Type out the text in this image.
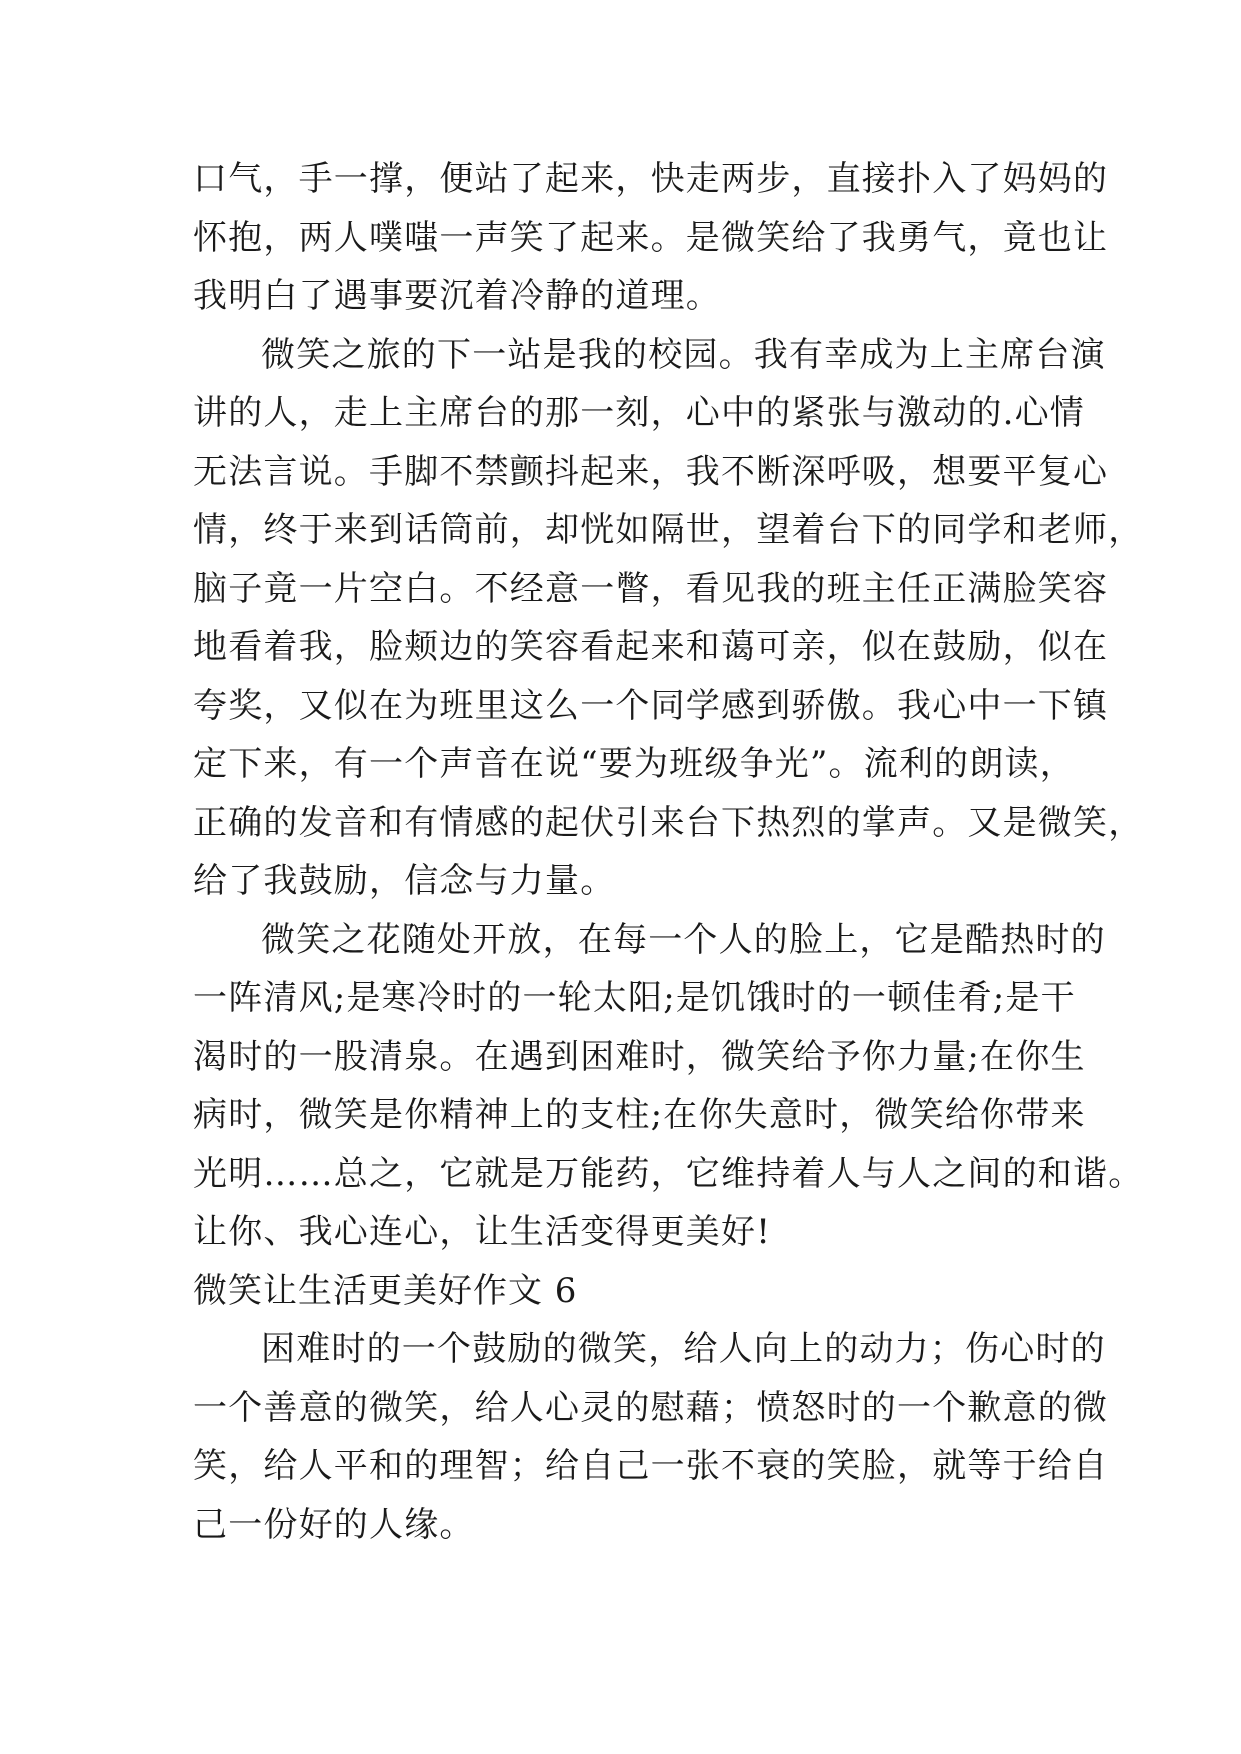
口气，手一撑，便站了起来，快走两步，直接扑入了妈妈的
怀抱，两人噗嗤一声笑了起来。是微笑给了我勇气，竟也让
我明白了遇事要沉着冷静的道理。
微笑之旅的下一站是我的校园。我有幸成为上主席台演
讲的人，走上主席台的那一刻，心中的紧张与激动的.心情
无法言说。手脚不禁颤抖起来，我不断深呼吸，想要平复心
情，终于来到话筒前，却恍如隔世，望着台下的同学和老师，
脑子竟一片空白。不经意一瞥，看见我的班主任正满脸笑容
地看着我，脸颊边的笑容看起来和蔼可亲，似在鼓励，似在
夸奖，又似在为班里这么一个同学感到骄傲。我心中一下镇
定下来，有一个声音在说“要为班级争光”。流利的朗读，
正确的发音和有情感的起伏引来台下热烈的掌声。又是微笑，
给了我鼓励，信念与力量。
微笑之花随处开放，在每一个人的脸上，它是酷热时的
一阵清风;是寒冷时的一轮太阳;是饥饿时的一顿佳肴;是干
渴时的一股清泉。在遇到困难时，微笑给予你力量;在你生
病时，微笑是你精神上的支柱;在你失意时，微笑给你带来
光明……总之，它就是万能药，它维持着人与人之间的和谐。
让你、我心连心，让生活变得更美好!
微笑让生活更美好作文 6
困难时的一个鼓励的微笑，给人向上的动力；伤心时的
一个善意的微笑，给人心灵的慰藉；愤怒时的一个歉意的微
笑，给人平和的理智；给自己一张不衰的笑脸，就等于给自
己一份好的人缘。
